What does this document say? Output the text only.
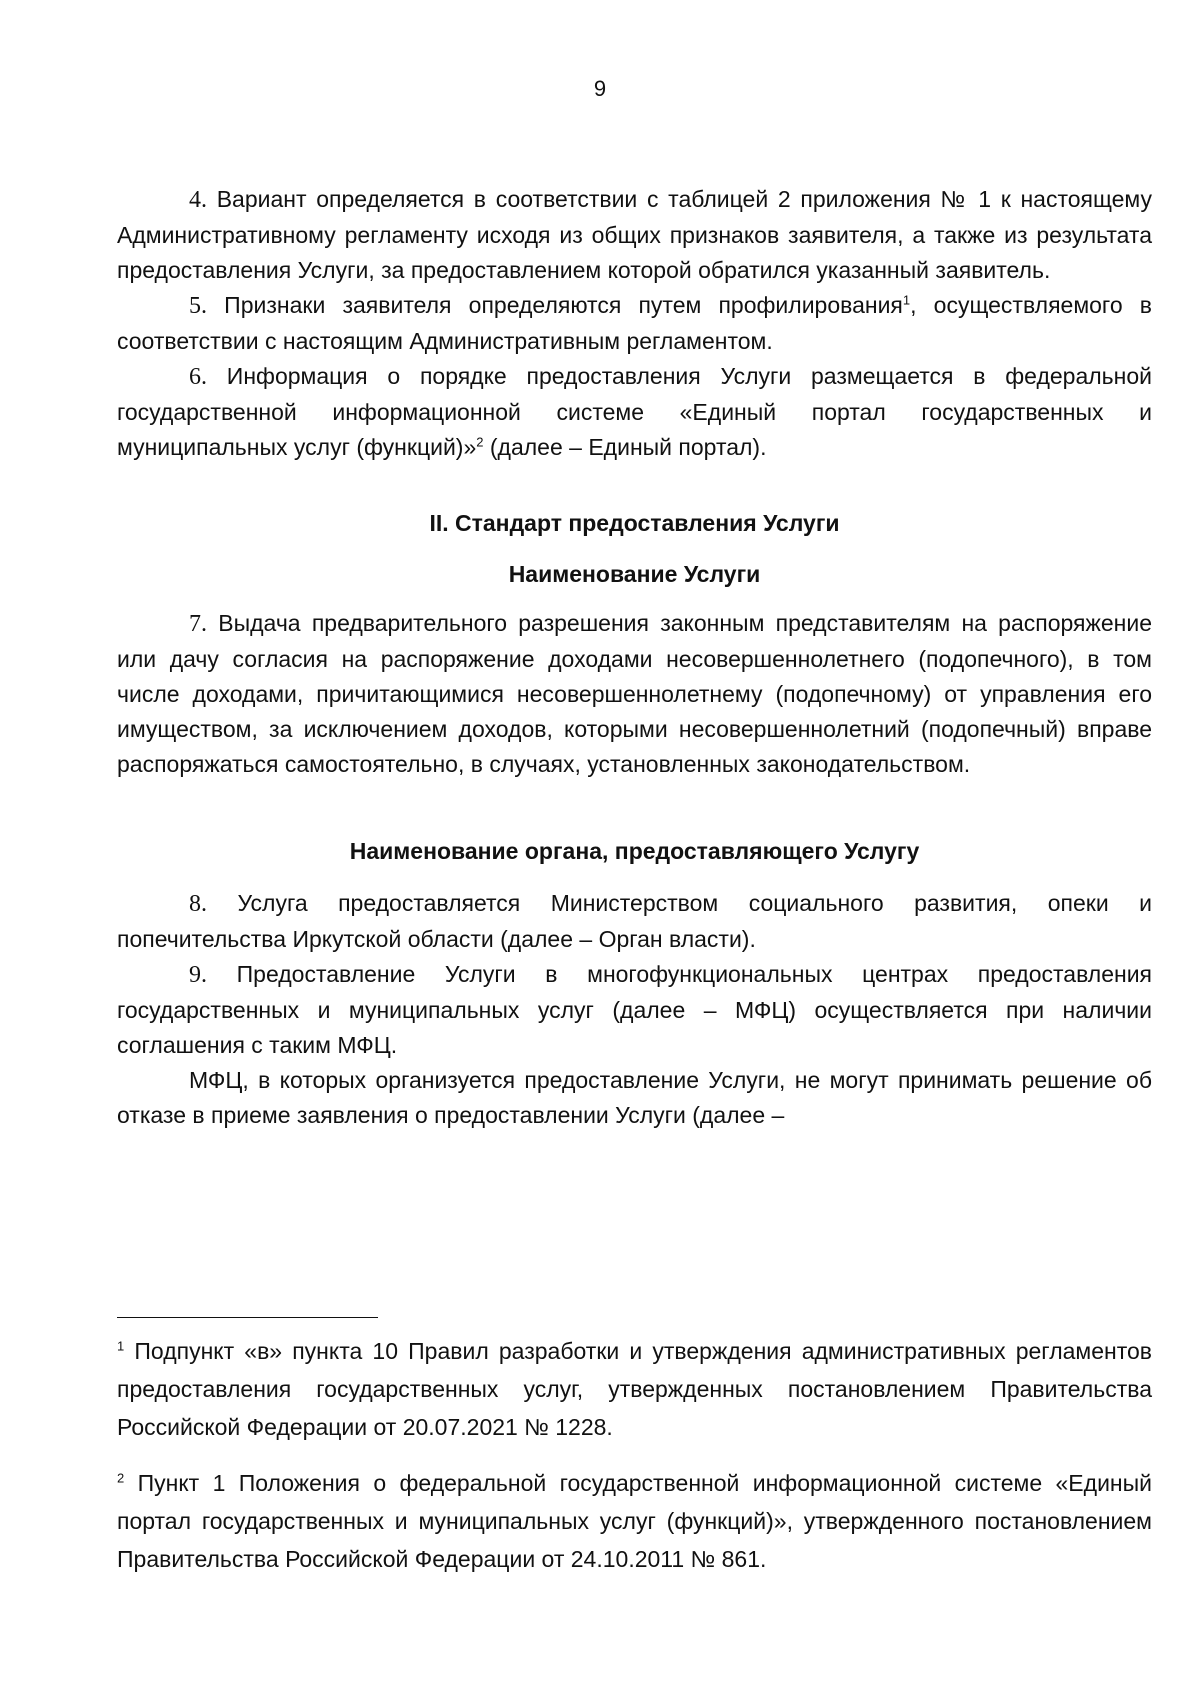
9

4. Вариант определяется в соответствии с таблицей 2 приложения № 1 к настоящему Административному регламенту исходя из общих признаков заявителя, а также из результата предоставления Услуги, за предоставлением которой обратился указанный заявитель.

5. Признаки заявителя определяются путем профилирования$^1$, осуществляемого в соответствии с настоящим Административным регламентом.

6. Информация о порядке предоставления Услуги размещается в федеральной государственной информационной системе «Единый портал государственных и муниципальных услуг (функций)»$^2$ (далее – Единый портал).

II. Стандарт предоставления Услуги
Наименование Услуги

7. Выдача предварительного разрешения законным представителям на распоряжение или дачу согласия на распоряжение доходами несовершеннолетнего (подопечного), в том числе доходами, причитающимися несовершеннолетнему (подопечному) от управления его имуществом, за исключением доходов, которыми несовершеннолетний (подопечный) вправе распоряжаться самостоятельно, в случаях, установленных законодательством.

Наименование органа, предоставляющего Услугу

8. Услуга предоставляется Министерством социального развития, опеки и попечительства Иркутской области (далее – Орган власти).

9. Предоставление Услуги в многофункциональных центрах предоставления государственных и муниципальных услуг (далее – МФЦ) осуществляется при наличии соглашения с таким МФЦ.

МФЦ, в которых организуется предоставление Услуги, не могут принимать решение об отказе в приеме заявления о предоставлении Услуги (далее –

$^1$ Подпункт «в» пункта 10 Правил разработки и утверждения административных регламентов предоставления государственных услуг, утвержденных постановлением Правительства Российской Федерации от 20.07.2021 № 1228.

$^2$ Пункт 1 Положения о федеральной государственной информационной системе «Единый портал государственных и муниципальных услуг (функций)», утвержденного постановлением Правительства Российской Федерации от 24.10.2011 № 861.
